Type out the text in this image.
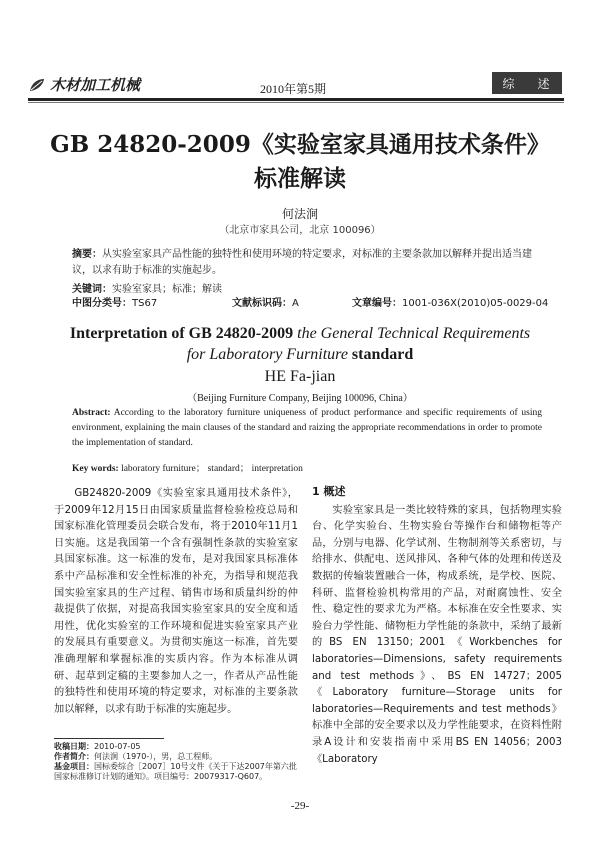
木材加工机械	2010年第5期	综 述
GB 24820-2009《实验室家具通用技术条件》
标准解读
何法涧
（北京市家具公司，北京 100096）
摘要：从实验室家具产品性能的独特性和使用环境的特定要求，对标准的主要条款加以解释并提出适当建议，以求有助于标准的实施起步。
关键词：实验室家具；标准；解读
中图分类号：TS67	文献标识码：A	文章编号：1001-036X(2010)05-0029-04
Interpretation of GB 24820-2009 the General Technical Requirements
for Laboratory Furniture standard
HE Fa-jian
（Beijing Furniture Company, Beijing 100096, China）
Abstract: According to the laboratory furniture uniqueness of product performance and specific requirements of using environment, explaining the main clauses of the standard and raizing the appropriate recommendations in order to promote the implementation of standard.
Key words: laboratory furniture； standard； interpretation
GB24820-2009《实验室家具通用技术条件》，于2009年12月15日由国家质量监督检验检疫总局和国家标准化管理委员会联合发布，将于2010年11月1日实施。这是我国第一个含有强制性条款的实验室家具国家标准。这一标准的发布，是对我国家具标准体系中产品标准和安全性标准的补充，为指导和规范我国实验室家具的生产过程、销售市场和质量纠纷的仲裁提供了依据，对提高我国实验室家具的安全度和适用性，优化实验室的工作环境和促进实验室家具产业的发展具有重要意义。为贯彻实施这一标准，首先要准确理解和掌握标准的实质内容。作为本标准从调研、起草到定稿的主要参加人之一，作者从产品性能的独特性和使用环境的特定要求，对标准的主要条款加以解释，以求有助于标准的实施起步。
收稿日期：2010-07-05
作者简介：何法涧（1970-），男，总工程师。
基金项目：国标委综合［2007］10号文件《关于下达2007年第六批国家标准修订计划的通知》。项目编号：20079317-Q607。
1 概述
实验室家具是一类比较特殊的家具，包括物理实验台、化学实验台、生物实验台等操作台和储物柜等产品，分别与电器、化学试剂、生物制剂等关系密切，与给排水、供配电、送风排风、各种气体的处理和传送及数据的传输装置融合一体，构成系统，是学校、医院、科研、监督检验机构常用的产品，对耐腐蚀性、安全性、稳定性的要求尤为严格。本标准在安全性要求、实验台力学性能、储物柜力学性能的条款中，采纳了最新的BS EN 13150；2001《Workbenches for laboratories—Dimensions, safety requirements and test methods》、BS EN 14727；2005《Laboratory furniture—Storage units for laboratories—Requirements and test methods》标准中全部的安全要求以及力学性能要求，在资料性附录A设计和安装指南中采用BS EN 14056；2003《Laboratory
-29-
